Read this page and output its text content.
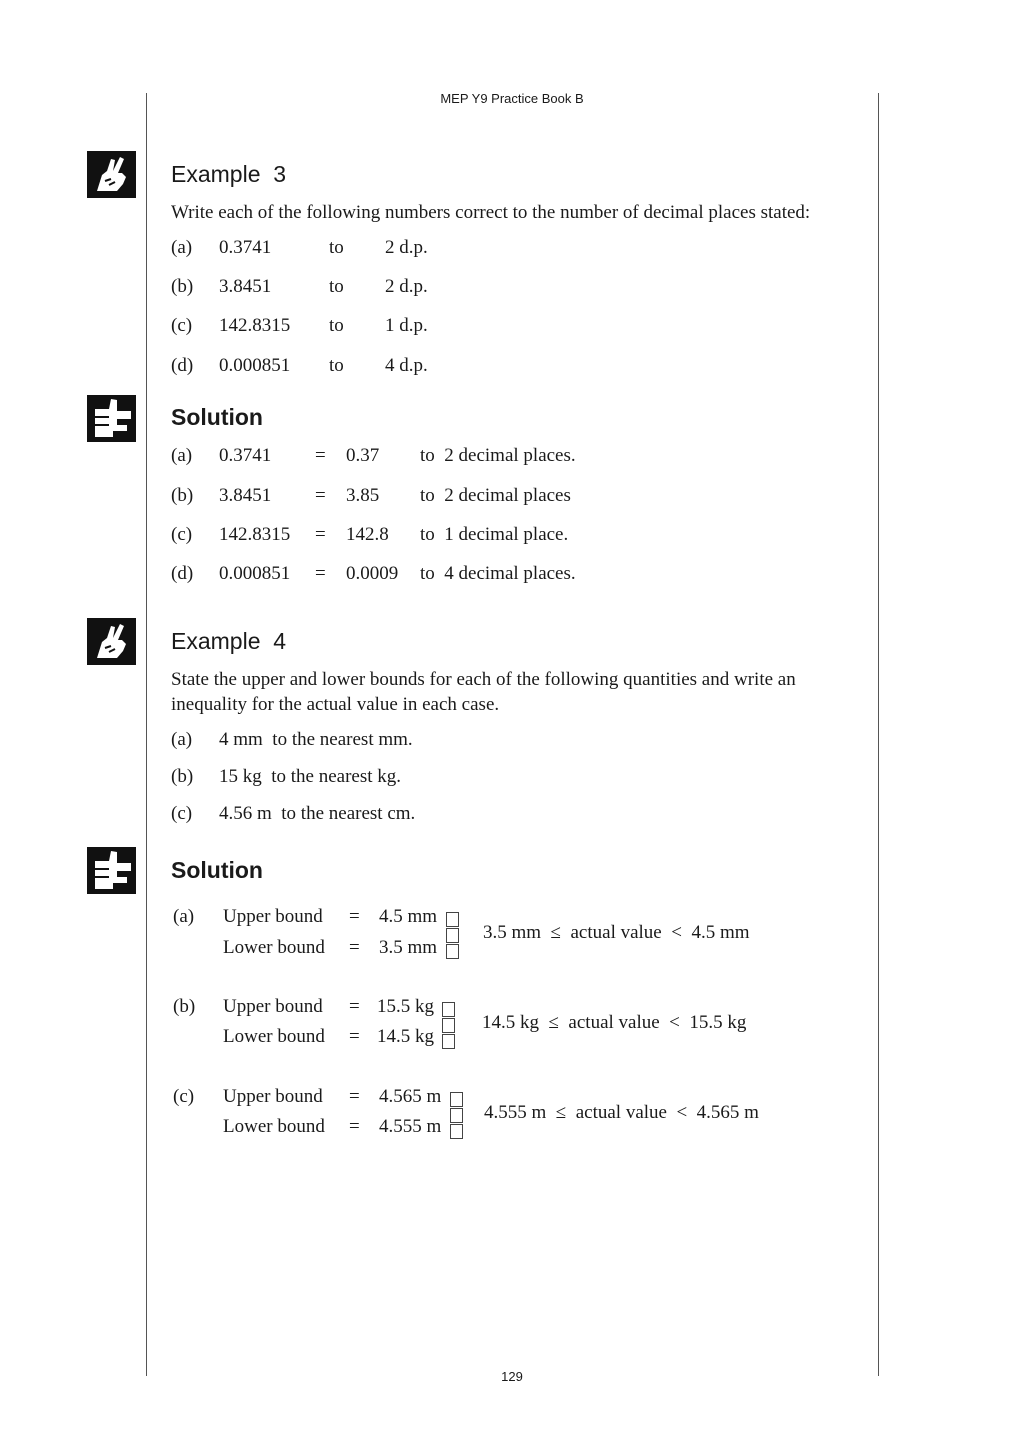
MEP Y9 Practice Book B
129
Example  3
Write each of the following numbers correct to the number of decimal places stated:
(a) 0.3741	to 2 d.p.
(b) 3.8451	to 2 d.p.
(c) 142.8315 to 1 d.p.
(d) 0.000851 to 4 d.p.
Solution
(a) 0.3741 = 0.37 to  2 decimal places.
(b) 3.8451 = 3.85 to  2 decimal places
(c) 142.8315 = 142.8 to  1 decimal place.
(d) 0.000851 = 0.0009 to  4 decimal places.
Example  4
State the upper and lower bounds for each of the following quantities and write an
inequality for the actual value in each case.
(a) 4 mm  to the nearest mm.
(b) 15 kg  to the nearest kg.
(c) 4.56 m  to the nearest cm.
Solution
(a) Upper bound = 4.5 mm
Lower bound = 3.5 mm
3.5 mm  ≤  actual value  <  4.5 mm
(b) Upper bound = 15.5 kg
Lower bound = 14.5 kg
14.5 kg  ≤  actual value  <  15.5 kg
(c) Upper bound = 4.565 m
Lower bound = 4.555 m
4.555 m  ≤  actual value  <  4.565 m
